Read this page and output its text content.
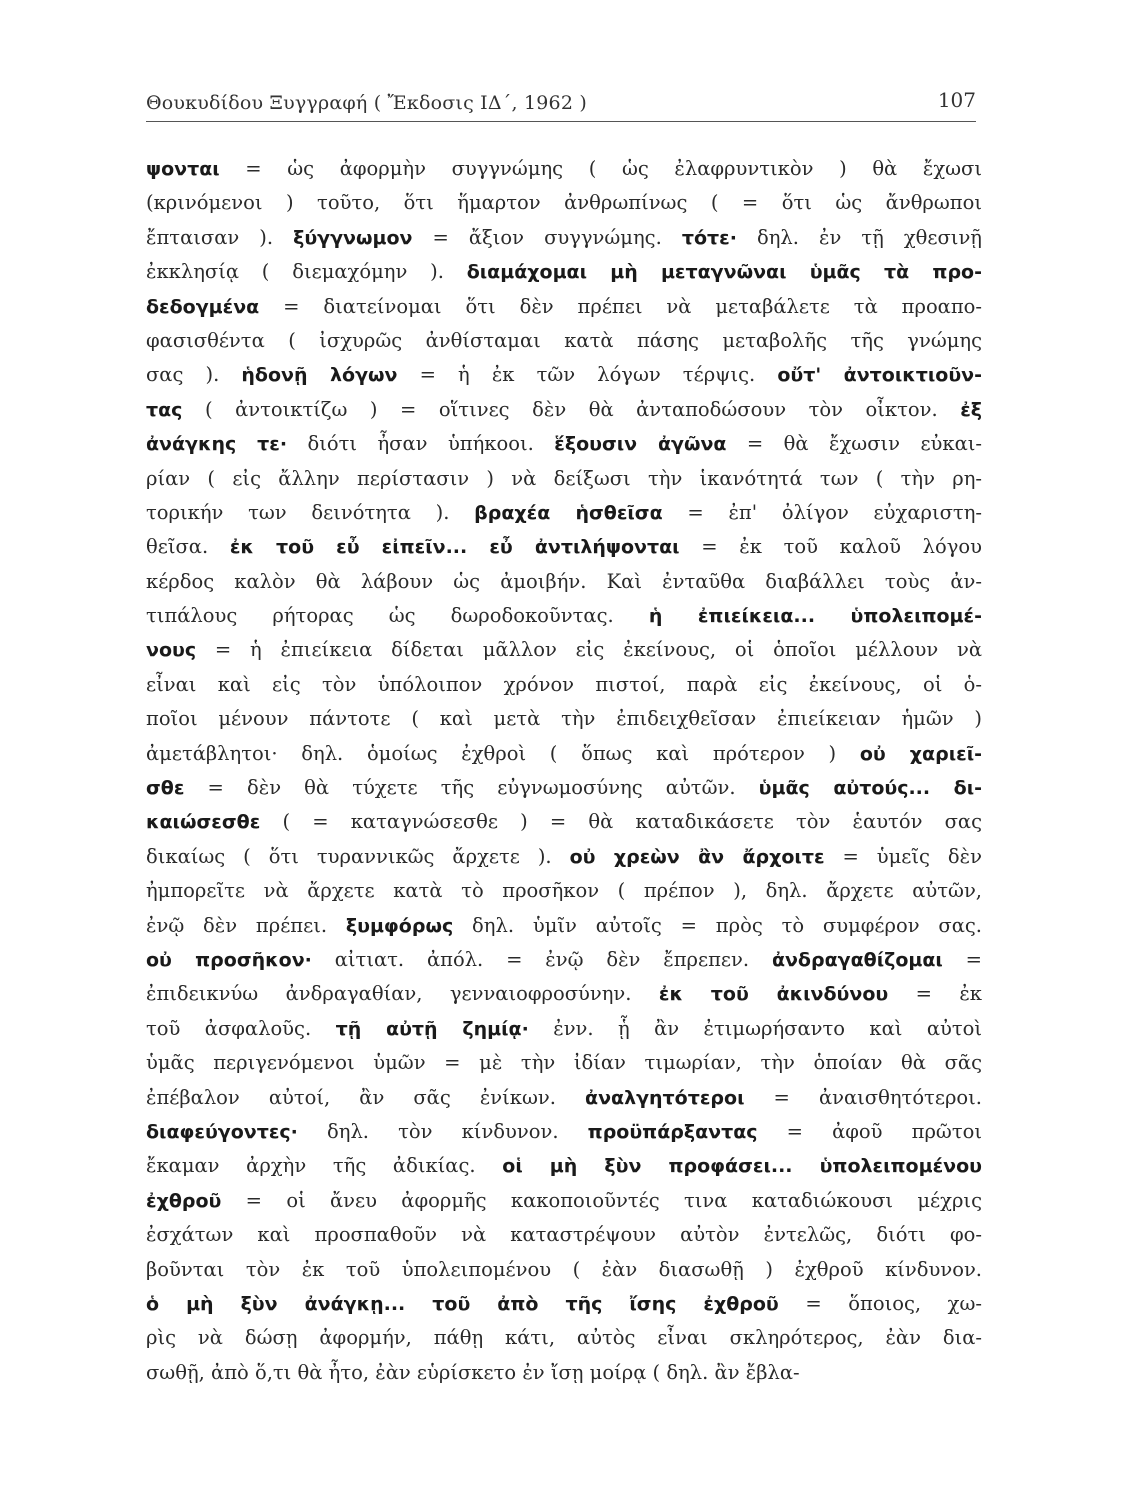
Θουκυδίδου Ξυγγραφή ( Ἔκδοσις ΙΔ΄, 1962 )	107
ψονται = ὡς ἀφορμὴν συγγνώμης ( ὡς ἐλαφρυντικὸν ) θὰ ἔχωσι
(κρινόμενοι ) τοῦτο, ὅτι ἥμαρτον ἀνθρωπίνως ( = ὅτι ὡς ἄνθρωποι
ἔπταισαν ). ξύγγνωμον = ἄξιον συγγνώμης. τότε· δηλ. ἐν τῇ χθεσινῇ
ἐκκλησίᾳ ( διεμαχόμην ). διαμάχομαι μὴ μεταγνῶναι ὑμᾶς τὰ προ-
δεδογμένα = διατείνομαι ὅτι δὲν πρέπει νὰ μεταβάλετε τὰ προαπο-
φασισθέντα ( ἰσχυρῶς ἀνθίσταμαι κατὰ πάσης μεταβολῆς τῆς γνώμης
σας ). ἡδονῇ λόγων = ἡ ἐκ τῶν λόγων τέρψις. οὔτ' ἀντοικτιοῦν-
τας ( ἀντοικτίζω ) = οἵτινες δὲν θὰ ἀνταποδώσουν τὸν οἶκτον. ἐξ
ἀνάγκης τε· διότι ἦσαν ὑπήκοοι. ἕξουσιν ἀγῶνα = θὰ ἔχωσιν εὐκαι-
ρίαν ( εἰς ἄλλην περίστασιν ) νὰ δείξωσι τὴν ἱκανότητά των ( τὴν ρη-
τορικήν των δεινότητα ). βραχέα ἡσθεῖσα = ἐπ' ὀλίγον εὐχαριστη-
θεῖσα. ἐκ τοῦ εὖ εἰπεῖν... εὖ ἀντιλήψονται = ἐκ τοῦ καλοῦ λόγου
κέρδος καλὸν θὰ λάβουν ὡς ἀμοιβήν. Καὶ ἐνταῦθα διαβάλλει τοὺς ἀν-
τιπάλους ρήτορας ὡς δωροδοκοῦντας. ἡ ἐπιείκεια... ὑπολειπομέ-
νους = ἡ ἐπιείκεια δίδεται μᾶλλον εἰς ἐκείνους, οἱ ὁποῖοι μέλλουν νὰ
εἶναι καὶ εἰς τὸν ὑπόλοιπον χρόνον πιστοί, παρὰ εἰς ἐκείνους, οἱ ὁ-
ποῖοι μένουν πάντοτε ( καὶ μετὰ τὴν ἐπιδειχθεῖσαν ἐπιείκειαν ἡμῶν )
ἀμετάβλητοι· δηλ. ὁμοίως ἐχθροὶ ( ὅπως καὶ πρότερον ) οὐ χαριεῖ-
σθε = δὲν θὰ τύχετε τῆς εὐγνωμοσύνης αὐτῶν. ὑμᾶς αὐτούς... δι-
καιώσεσθε ( = καταγνώσεσθε ) = θὰ καταδικάσετε τὸν ἑαυτόν σας
δικαίως ( ὅτι τυραννικῶς ἄρχετε ). οὐ χρεὼν ἂν ἄρχοιτε = ὑμεῖς δὲν
ἠμπορεῖτε νὰ ἄρχετε κατὰ τὸ προσῆκον ( πρέπον ), δηλ. ἄρχετε αὐτῶν,
ἐνῷ δὲν πρέπει. ξυμφόρως δηλ. ὑμῖν αὐτοῖς = πρὸς τὸ συμφέρον σας.
οὐ προσῆκον· αἰτιατ. ἀπόλ. = ἐνῷ δὲν ἔπρεπεν. ἀνδραγαθίζομαι =
ἐπιδεικνύω ἀνδραγαθίαν, γενναιοφροσύνην. ἐκ τοῦ ἀκινδύνου = ἐκ
τοῦ ἀσφαλοῦς. τῇ αὐτῇ ζημίᾳ· ἐνν. ᾗ ἂν ἐτιμωρήσαντο καὶ αὐτοὶ
ὑμᾶς περιγενόμενοι ὑμῶν = μὲ τὴν ἰδίαν τιμωρίαν, τὴν ὁποίαν θὰ σᾶς
ἐπέβαλον αὐτοί, ἂν σᾶς ἐνίκων. ἀναλγητότεροι = ἀναισθητότεροι.
διαφεύγοντες· δηλ. τὸν κίνδυνον. προϋπάρξαντας = ἀφοῦ πρῶτοι
ἔκαμαν ἀρχὴν τῆς ἀδικίας. οἱ μὴ ξὺν προφάσει... ὑπολειπομένου
ἐχθροῦ = οἱ ἄνευ ἀφορμῆς κακοποιοῦντές τινα καταδιώκουσι μέχρις
ἐσχάτων καὶ προσπαθοῦν νὰ καταστρέψουν αὐτὸν ἐντελῶς, διότι φο-
βοῦνται τὸν ἐκ τοῦ ὑπολειπομένου ( ἐὰν διασωθῇ ) ἐχθροῦ κίνδυνον.
ὁ μὴ ξὺν ἀνάγκῃ... τοῦ ἀπὸ τῆς ἴσης ἐχθροῦ = ὅποιος, χω-
ρὶς νὰ δώσῃ ἀφορμήν, πάθῃ κάτι, αὐτὸς εἶναι σκληρότερος, ἐὰν δια-
σωθῇ, ἀπὸ ὅ,τι θὰ ἦτο, ἐὰν εὑρίσκετο ἐν ἴσῃ μοίρᾳ ( δηλ. ἂν ἔβλα-
